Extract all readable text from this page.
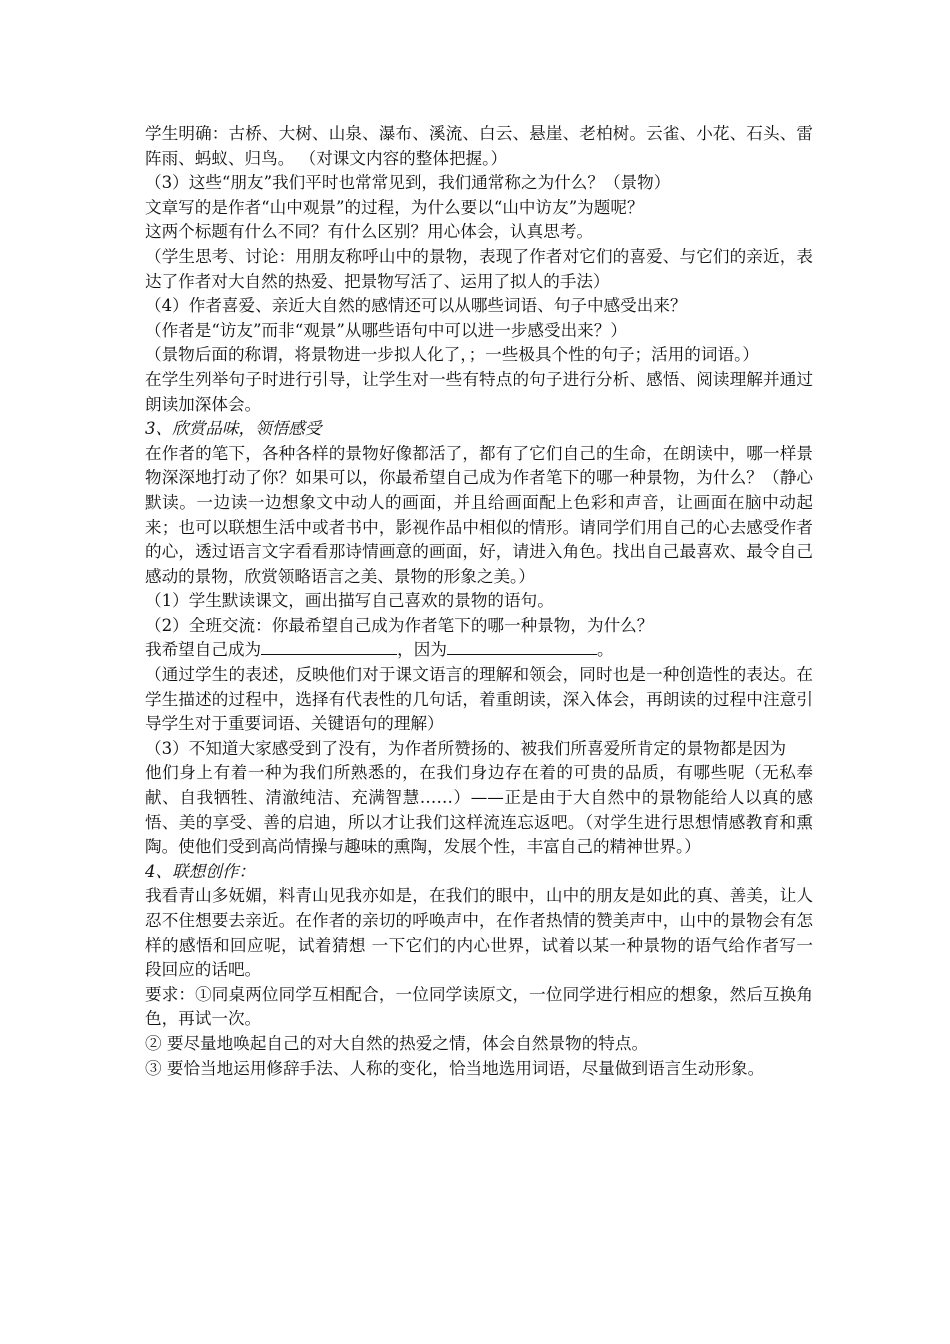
学生明确：古桥、大树、山泉、瀑布、溪流、白云、悬崖、老柏树。云雀、小花、石头、雷阵雨、蚂蚁、归鸟。 （对课文内容的整体把握。）

（3）这些“朋友”我们平时也常常见到，我们通常称之为什么？（景物）

文章写的是作者“山中观景”的过程，为什么要以“山中访友”为题呢？

这两个标题有什么不同？有什么区别？用心体会，认真思考。

（学生思考、讨论：用朋友称呼山中的景物，表现了作者对它们的喜爱、与它们的亲近，表达了作者对大自然的热爱、把景物写活了、运用了拟人的手法）

（4）作者喜爱、亲近大自然的感情还可以从哪些词语、句子中感受出来？

（作者是“访友”而非“观景”从哪些语句中可以进一步感受出来？）

（景物后面的称谓，将景物进一步拟人化了，；一些极具个性的句子；活用的词语。）

在学生列举句子时进行引导，让学生对一些有特点的句子进行分析、感悟、阅读理解并通过朗读加深体会。

3、欣赏品味，领悟感受

在作者的笔下，各种各样的景物好像都活了，都有了它们自己的生命，在朗读中，哪一样景物深深地打动了你？如果可以，你最希望自己成为作者笔下的哪一种景物，为什么？（静心默读。一边读一边想象文中动人的画面，并且给画面配上色彩和声音，让画面在脑中动起来；也可以联想生活中或者书中，影视作品中相似的情形。请同学们用自己的心去感受作者的心，透过语言文字看看那诗情画意的画面，好，请进入角色。找出自己最喜欢、最令自己感动的景物，欣赏领略语言之美、景物的形象之美。）

（1）学生默读课文，画出描写自己喜欢的景物的语句。

（2）全班交流：你最希望自己成为作者笔下的哪一种景物，为什么？

我希望自己成为	，因为	。

（通过学生的表述，反映他们对于课文语言的理解和领会，同时也是一种创造性的表达。在学生描述的过程中，选择有代表性的几句话，着重朗读，深入体会，再朗读的过程中注意引导学生对于重要词语、关键语句的理解）

（3）不知道大家感受到了没有，为作者所赞扬的、被我们所喜爱所肯定的景物都是因为

他们身上有着一种为我们所熟悉的，在我们身边存在着的可贵的品质，有哪些呢（无私奉献、自我牺牲、清澈纯洁、充满智慧……）——正是由于大自然中的景物能给人以真的感悟、美的享受、善的启迪，所以才让我们这样流连忘返吧。（对学生进行思想情感教育和熏陶。使他们受到高尚情操与趣味的熏陶，发展个性，丰富自己的精神世界。）

4、联想创作：

我看青山多妩媚，料青山见我亦如是，在我们的眼中，山中的朋友是如此的真、善美，让人忍不住想要去亲近。在作者的亲切的呼唤声中，在作者热情的赞美声中，山中的景物会有怎样的感悟和回应呢，试着猜想 一下它们的内心世界，试着以某一种景物的语气给作者写一段回应的话吧。

要求：①同桌两位同学互相配合，一位同学读原文，一位同学进行相应的想象，然后互换角色，再试一次。

② 要尽量地唤起自己的对大自然的热爱之情，体会自然景物的特点。

③ 要恰当地运用修辞手法、人称的变化，恰当地选用词语，尽量做到语言生动形象。
